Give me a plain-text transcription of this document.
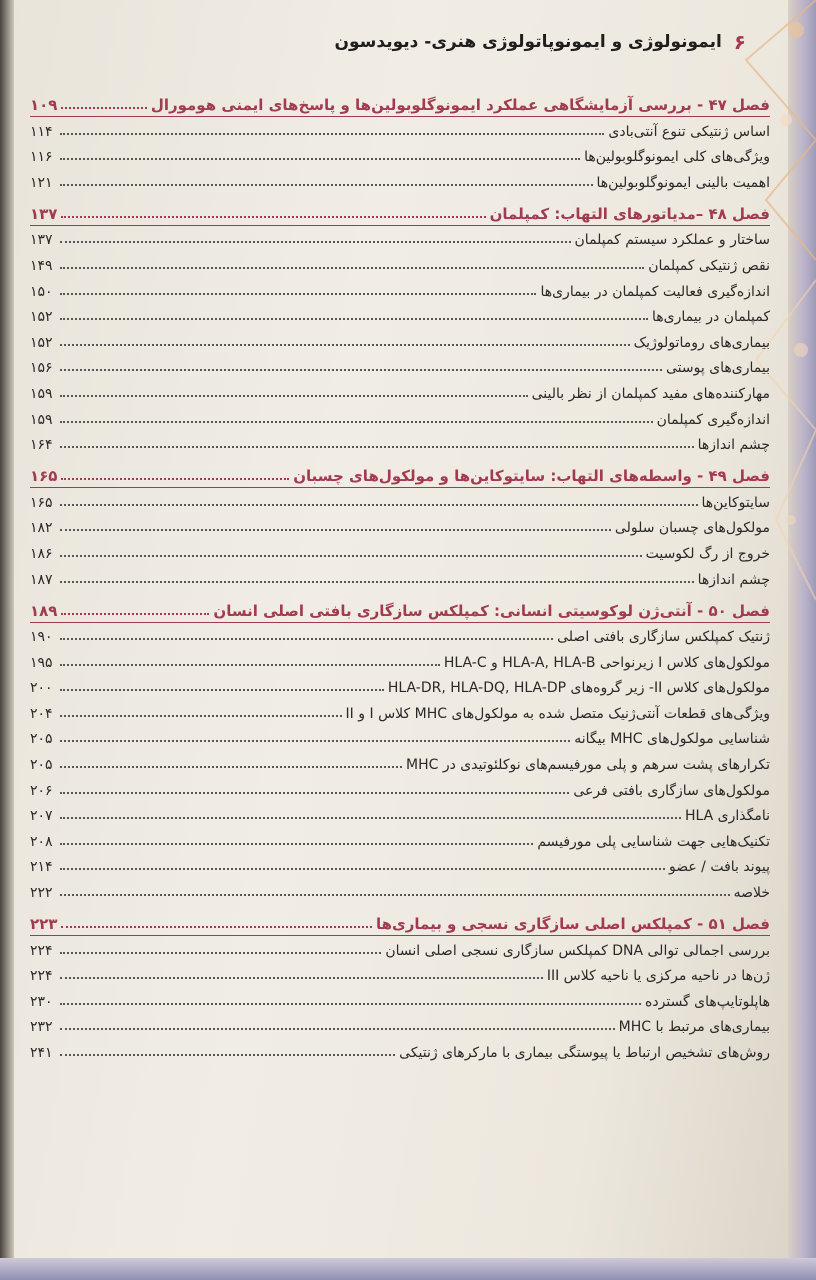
۶
ایمونولوژی و ایمونوپاتولوژی هنری- دیویدسون
فصل ۴۷ - بررسی آزمایشگاهی عملکرد ایمونوگلوبولین‌ها و پاسخ‌های ایمنی هومورال
۱۰۹
اساس ژنتیکی تنوع آنتی‌بادی
۱۱۴
ویژگی‌های کلی ایمونوگلوبولین‌ها
۱۱۶
اهمیت بالینی ایمونوگلوبولین‌ها
۱۲۱
فصل ۴۸ –مدیاتورهای التهاب: کمپلمان
۱۳۷
ساختار و عملکرد سیستم کمپلمان
۱۳۷
نقص ژنتیکی کمپلمان
۱۴۹
اندازه‌گیری فعالیت کمپلمان در بیماری‌ها
۱۵۰
کمپلمان در بیماری‌ها
۱۵۲
بیماری‌های روماتولوژیک
۱۵۲
بیماری‌های پوستی
۱۵۶
مهارکننده‌های مفید کمپلمان از نظر بالینی
۱۵۹
اندازه‌گیری کمپلمان
۱۵۹
چشم اندازها
۱۶۴
فصل ۴۹ - واسطه‌های التهاب: سایتوکاین‌ها و مولکول‌های چسبان
۱۶۵
سایتوکاین‌ها
۱۶۵
مولکول‌های چسبان سلولی
۱۸۲
خروج از رگ لکوسیت
۱۸۶
چشم اندازها
۱۸۷
فصل ۵۰ - آنتی‌ژن لوکوسیتی انسانی: کمپلکس سازگاری بافتی اصلی انسان
۱۸۹
ژنتیک کمپلکس سازگاری بافتی اصلی
۱۹۰
مولکول‌های کلاس I زیرنواحی HLA-A, HLA-B و HLA-C
۱۹۵
مولکول‌های کلاس II- زیر گروه‌های HLA-DR, HLA-DQ, HLA-DP
۲۰۰
ویژگی‌های قطعات آنتی‌ژنیک متصل شده به مولکول‌های MHC کلاس I و II
۲۰۴
شناسایی مولکول‌های MHC بیگانه
۲۰۵
تکرارهای پشت سرهم و پلی مورفیسم‌های نوکلئوتیدی در MHC
۲۰۵
مولکول‌های سازگاری بافتی فرعی
۲۰۶
نامگذاری HLA
۲۰۷
تکنیک‌هایی جهت شناسایی پلی مورفیسم
۲۰۸
پیوند بافت / عضو
۲۱۴
خلاصه
۲۲۲
فصل ۵۱ - کمپلکس اصلی سازگاری نسجی و بیماری‌ها
۲۲۳
بررسی اجمالی توالی DNA کمپلکس سازگاری نسجی اصلی انسان
۲۲۴
ژن‌ها در ناحیه مرکزی یا ناحیه کلاس III
۲۲۴
هاپلوتایپ‌های گسترده
۲۳۰
بیماری‌های مرتبط با MHC
۲۳۲
روش‌های تشخیص ارتباط یا پیوستگی بیماری با مارکرهای ژنتیکی
۲۴۱
